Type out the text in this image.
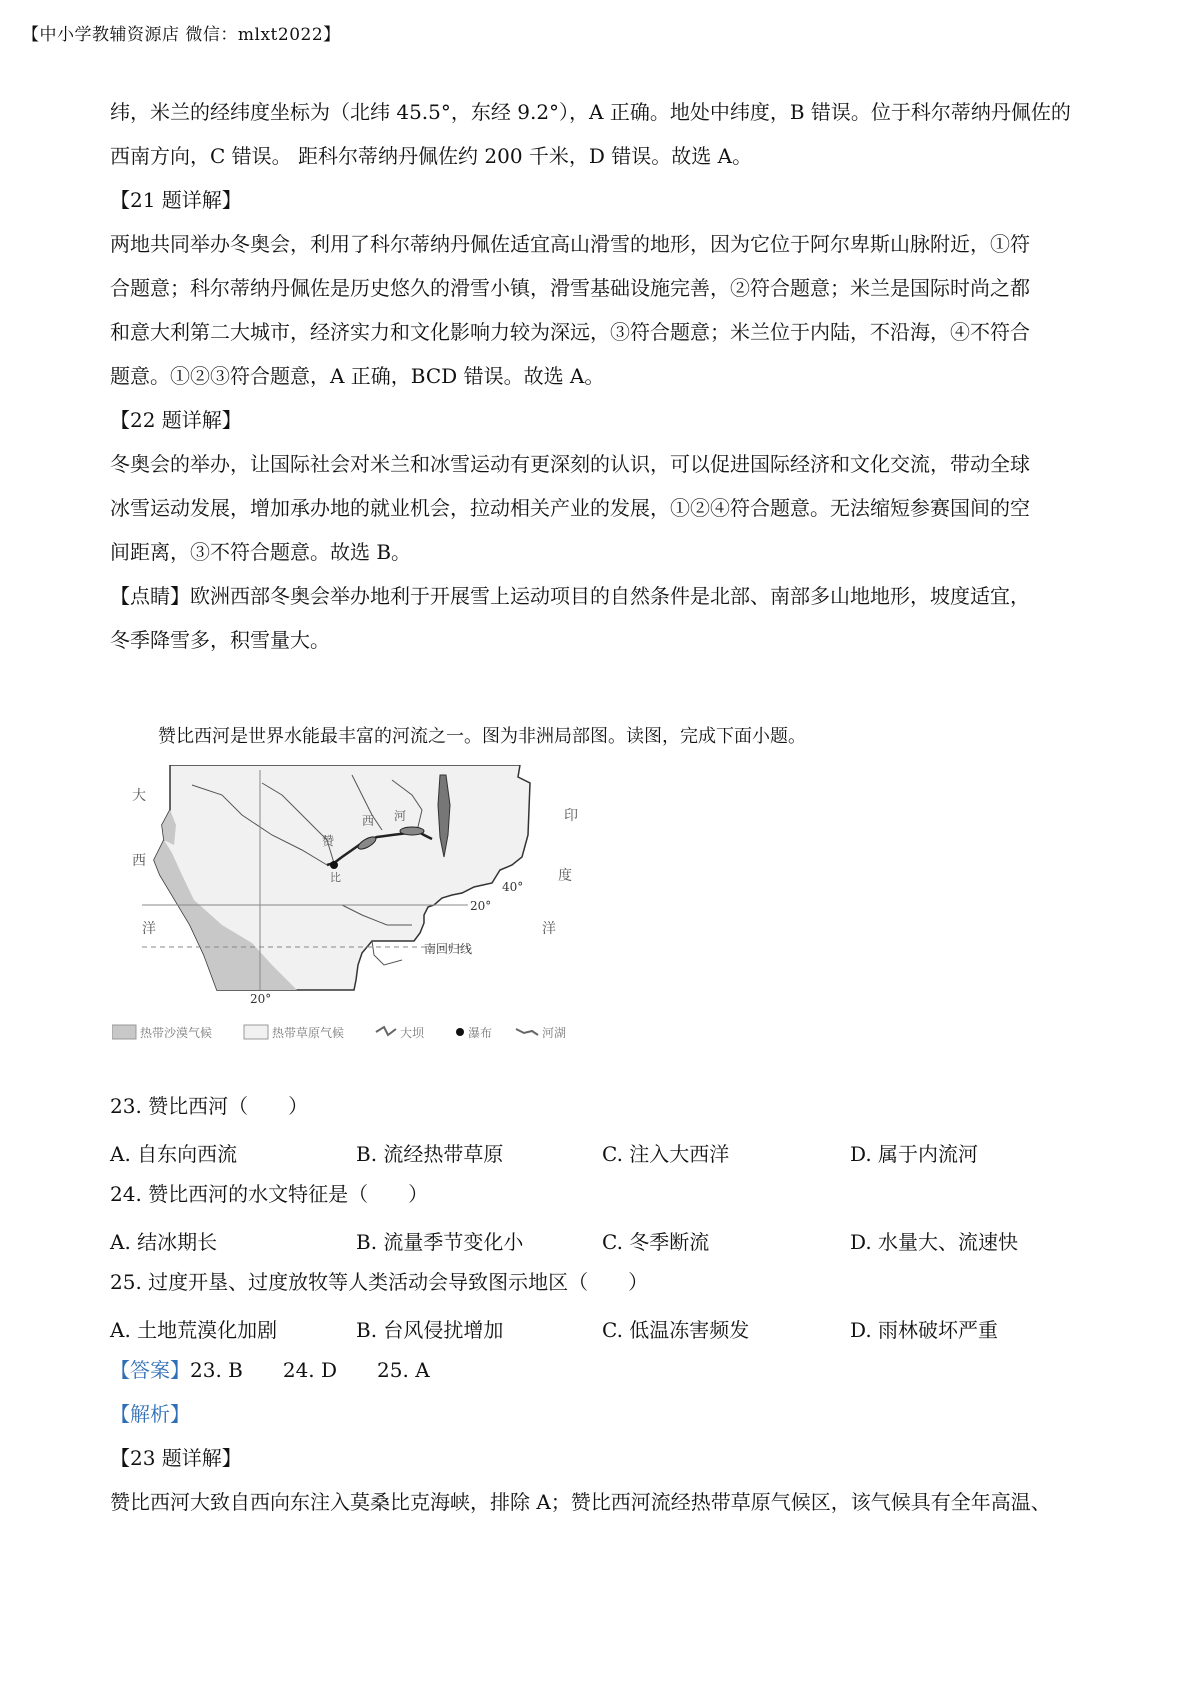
【中小学教辅资源店 微信：mlxt2022】
纬，米兰的经纬度坐标为（北纬 45.5°，东经 9.2°），A 正确。地处中纬度，B 错误。位于科尔蒂纳丹佩佐的
西南方向，C 错误。 距科尔蒂纳丹佩佐约 200 千米，D 错误。故选 A。
【21 题详解】
两地共同举办冬奥会，利用了科尔蒂纳丹佩佐适宜高山滑雪的地形，因为它位于阿尔卑斯山脉附近，①符
合题意；科尔蒂纳丹佩佐是历史悠久的滑雪小镇，滑雪基础设施完善，②符合题意；米兰是国际时尚之都
和意大利第二大城市，经济实力和文化影响力较为深远，③符合题意；米兰位于内陆，不沿海，④不符合
题意。①②③符合题意，A 正确，BCD 错误。故选 A。
【22 题详解】
冬奥会的举办，让国际社会对米兰和冰雪运动有更深刻的认识，可以促进国际经济和文化交流，带动全球
冰雪运动发展，增加承办地的就业机会，拉动相关产业的发展，①②④符合题意。无法缩短参赛国间的空
间距离，③不符合题意。故选 B。
【点睛】欧洲西部冬奥会举办地利于开展雪上运动项目的自然条件是北部、南部多山地地形，坡度适宜，
冬季降雪多，积雪量大。
赞比西河是世界水能最丰富的河流之一。图为非洲局部图。读图，完成下面小题。
大
西
洋
印
度
洋
赞
西 河
比
20°
20°
40°
南回归线
热带沙漠气候	热带草原气候	大坝	瀑布	河湖
23. 赞比西河（　　）
A. 自东向西流	B. 流经热带草原	C. 注入大西洋	D. 属于内流河
24. 赞比西河的水文特征是（　　）
A. 结冰期长	B. 流量季节变化小	C. 冬季断流	D. 水量大、流速快
25. 过度开垦、过度放牧等人类活动会导致图示地区（　　）
A. 土地荒漠化加剧	B. 台风侵扰增加	C. 低温冻害频发	D. 雨林破坏严重
【答案】23. B　　24. D　　25. A
【解析】
【23 题详解】
赞比西河大致自西向东注入莫桑比克海峡，排除 A；赞比西河流经热带草原气候区，该气候具有全年高温、
